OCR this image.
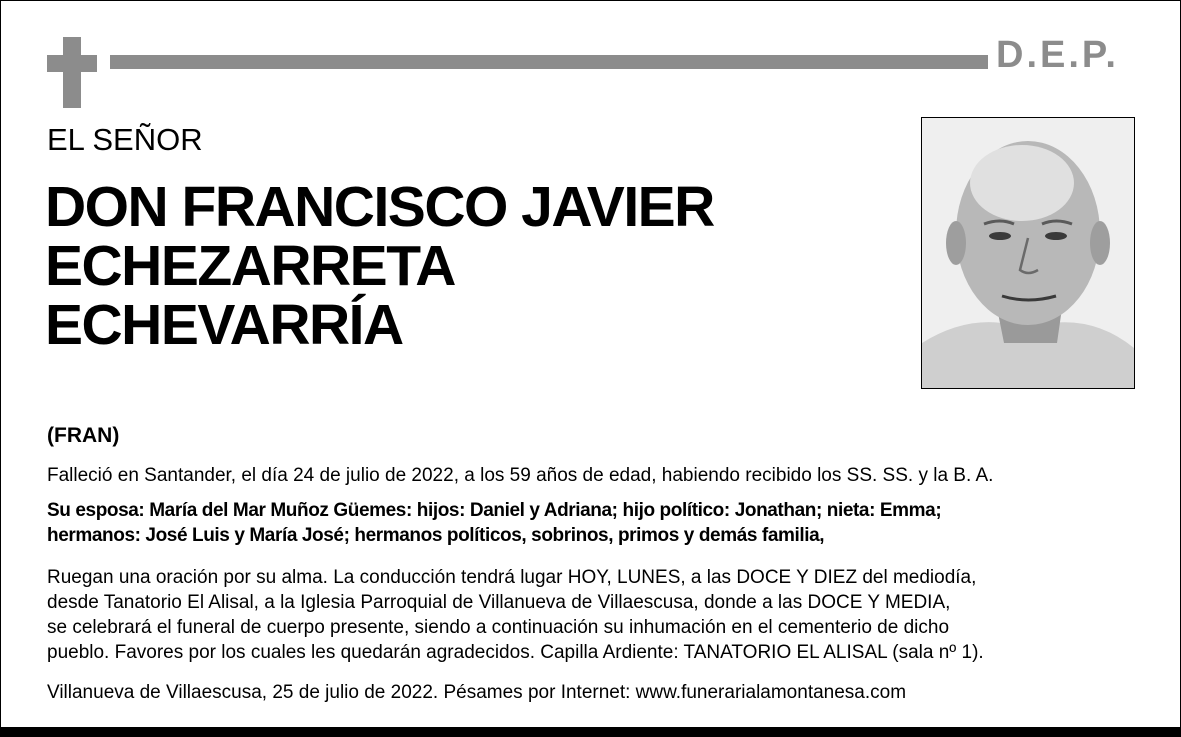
D.E.P.
EL SEÑOR
DON FRANCISCO JAVIER
ECHEZARRETA
ECHEVARRÍA
(FRAN)
Falleció en Santander, el día 24 de julio de 2022, a los 59 años de edad, habiendo recibido los SS. SS. y la B. A.
Su esposa: María del Mar Muñoz Güemes: hijos: Daniel y Adriana; hijo político: Jonathan; nieta: Emma;
hermanos: José Luis y María José; hermanos políticos, sobrinos, primos y demás familia,
Ruegan una oración por su alma. La conducción tendrá lugar HOY, LUNES, a las DOCE Y DIEZ del mediodía,
desde Tanatorio El Alisal, a la Iglesia Parroquial de Villanueva de Villaescusa, donde a las DOCE Y MEDIA,
se celebrará el funeral de cuerpo presente, siendo a continuación su inhumación en el cementerio de dicho
pueblo. Favores por los cuales les quedarán agradecidos. Capilla Ardiente: TANATORIO EL ALISAL (sala nº 1).
Villanueva de Villaescusa, 25 de julio de 2022. Pésames por Internet: www.funerarialamontanesa.com
